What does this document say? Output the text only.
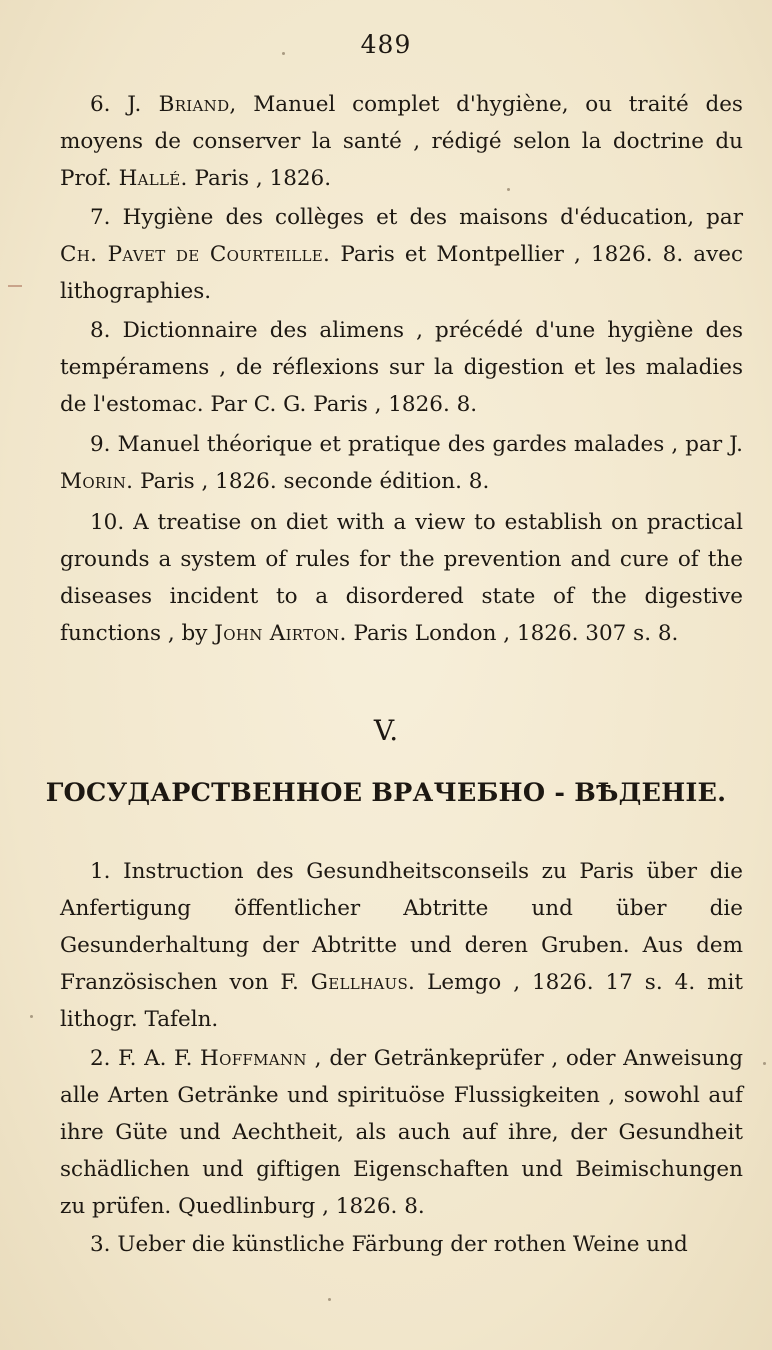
489

6. J. Briand, Manuel complet d'hygiène, ou traité des moyens de conserver la santé , rédigé selon la doctrine du Prof. Hallé. Paris , 1826.

7. Hygiène des collèges et des maisons d'éducation, par Ch. Pavet de Courteille. Paris et Montpellier , 1826. 8. avec lithographies.

8. Dictionnaire des alimens , précédé d'une hygiène des tempéramens , de réflexions sur la digestion et les maladies de l'estomac. Par C. G. Paris , 1826. 8.

9. Manuel théorique et pratique des gardes malades , par J. Morin. Paris , 1826. seconde édition. 8.

10. A treatise on diet with a view to establish on practical grounds a system of rules for the prevention and cure of the diseases incident to a disordered state of the digestive functions , by John Airton. Paris London , 1826. 307 s. 8.

V.
ГОСУДАРСТВЕННОЕ ВРАЧЕБНО - ВѢДЕНІЕ.

1. Instruction des Gesundheitsconseils zu Paris über die Anfertigung öffentlicher Abtritte und über die Gesunderhaltung der Abtritte und deren Gruben. Aus dem Französischen von F. Gellhaus. Lemgo , 1826. 17 s. 4. mit lithogr. Tafeln.

2. F. A. F. Hoffmann , der Getränkeprüfer , oder Anweisung alle Arten Getränke und spirituöse Flussigkeiten , sowohl auf ihre Güte und Aechtheit, als auch auf ihre, der Gesundheit schädlichen und giftigen Eigenschaften und Beimischungen zu prüfen. Quedlinburg , 1826. 8.

3. Ueber die künstliche Färbung der rothen Weine und
